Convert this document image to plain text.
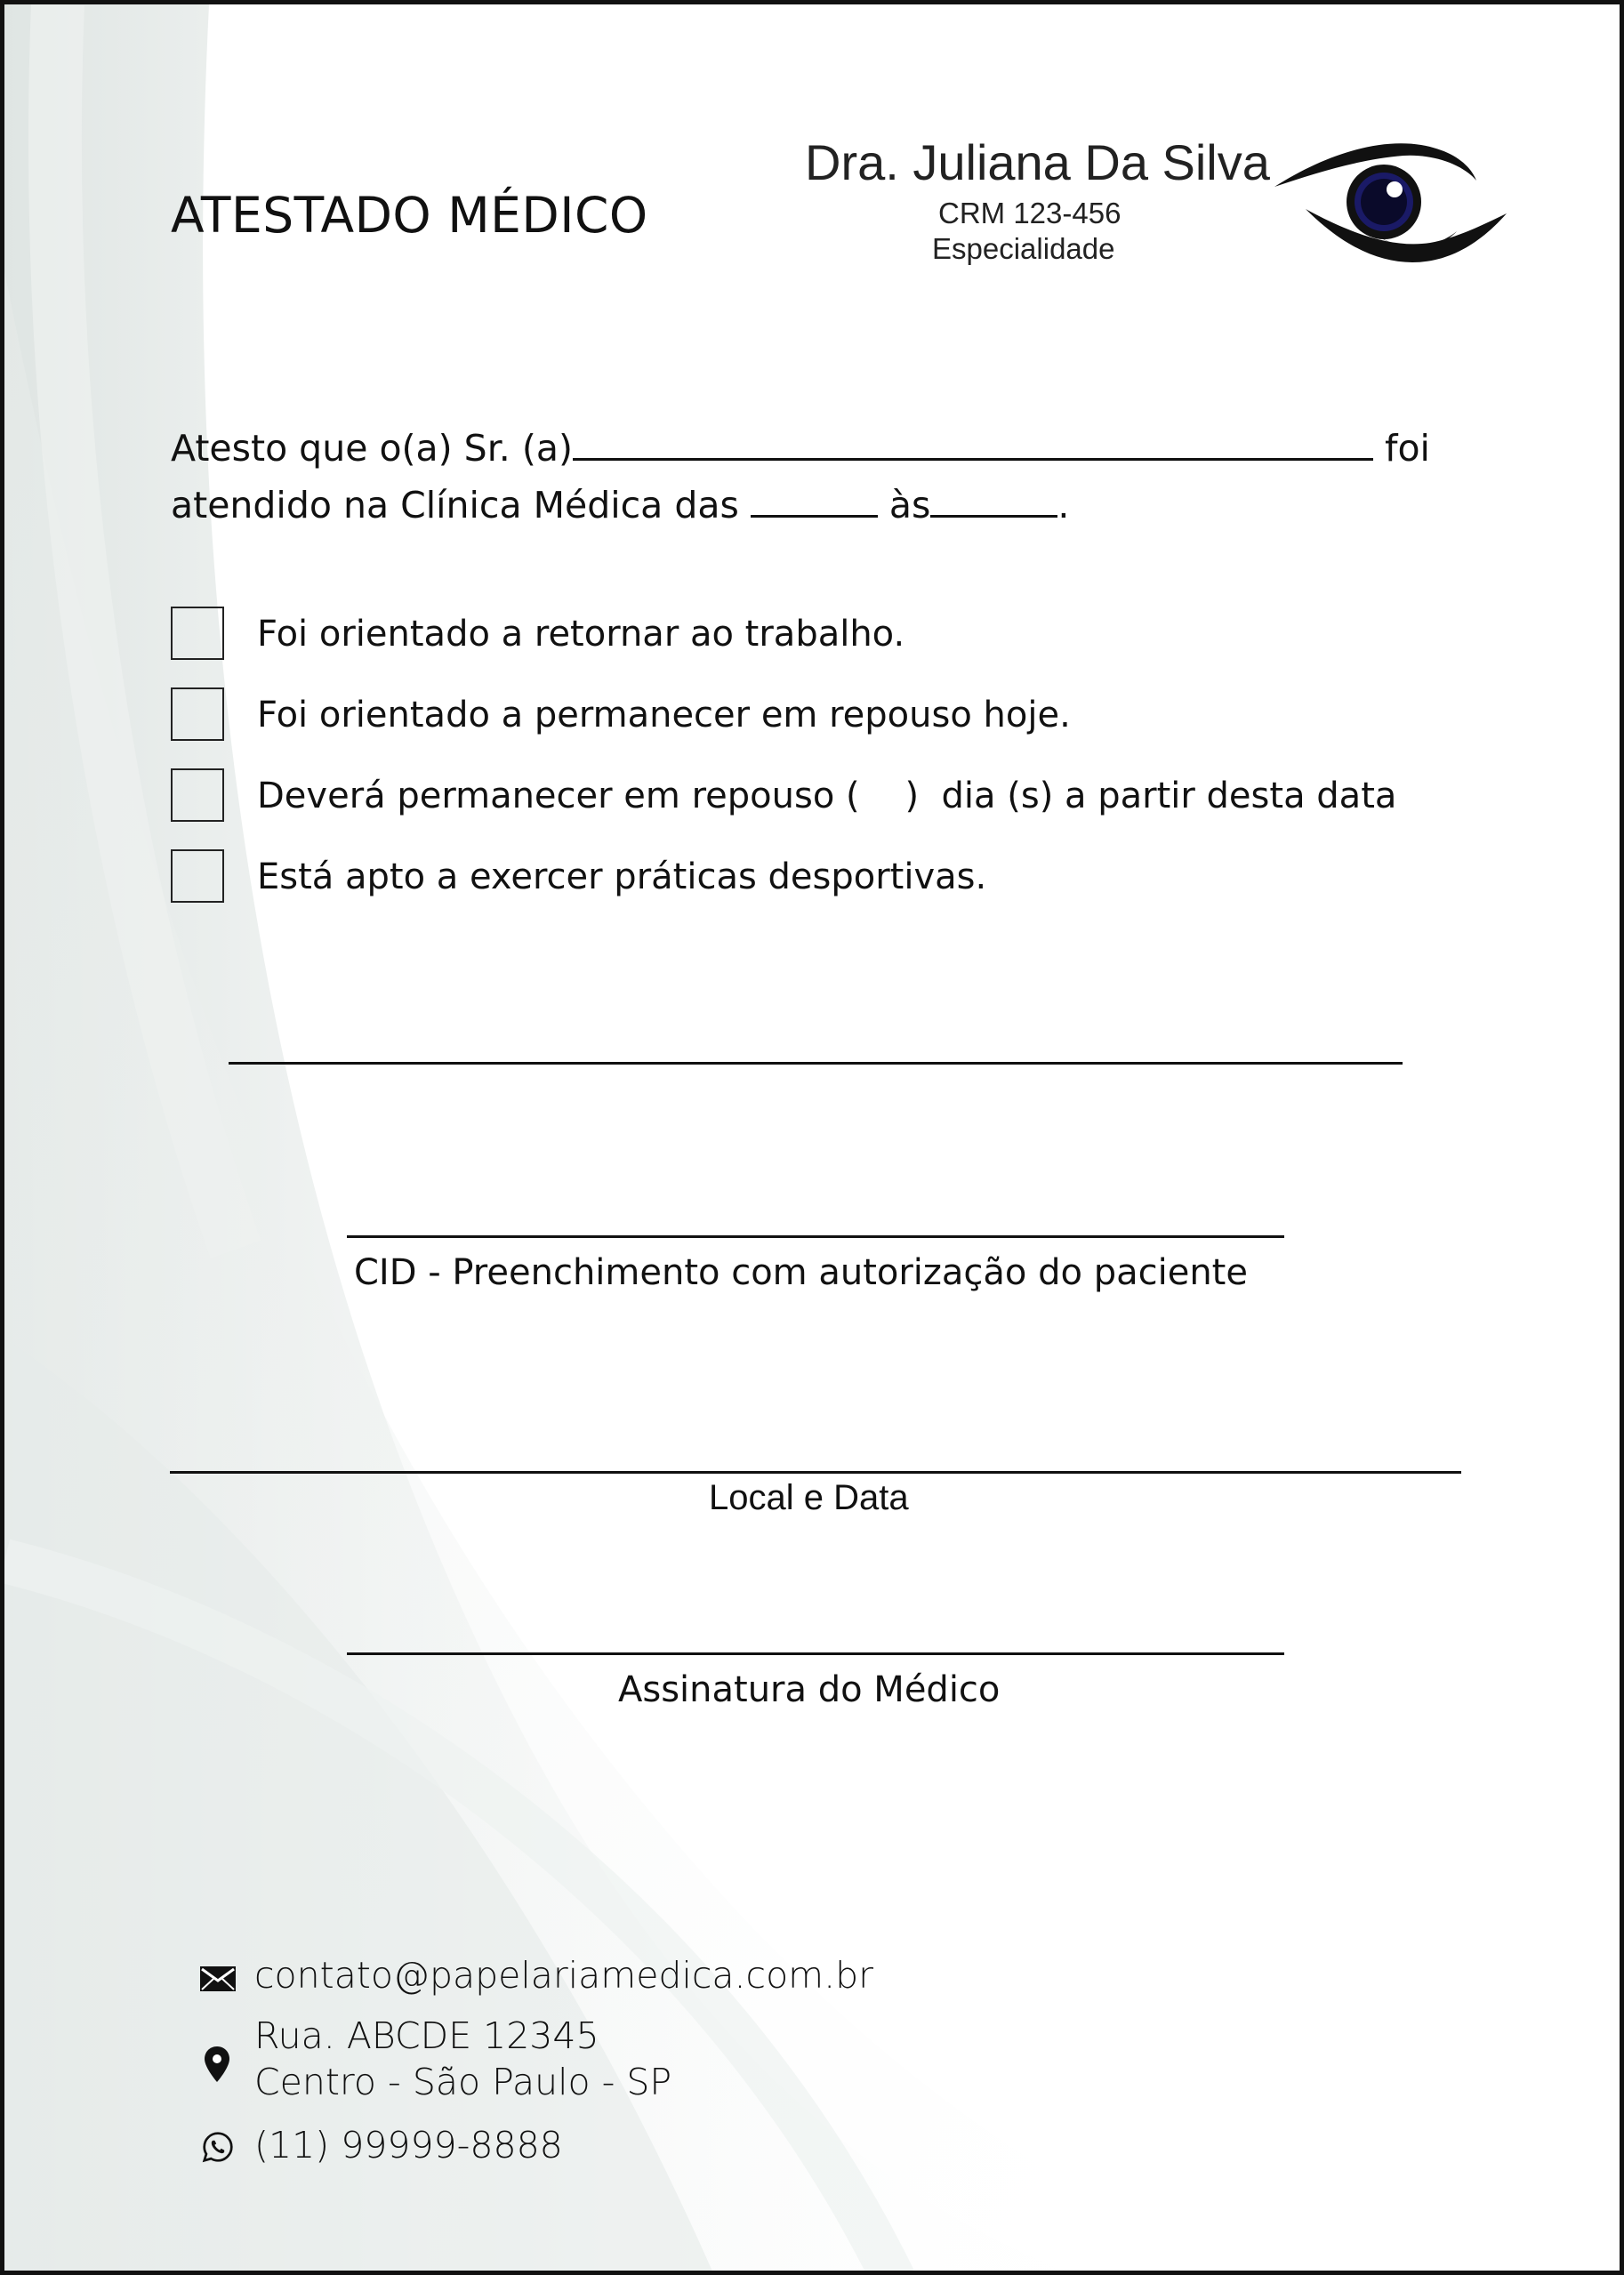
ATESTADO MÉDICO
Dra. Juliana Da Silva
CRM 123-456
Especialidade
Atesto que o(a) Sr. (a)	foi
atendido na Clínica Médica das	às	.
Foi orientado a retornar ao trabalho.
Foi orientado a permanecer em repouso hoje.
Deverá permanecer em repouso (    )  dia (s) a partir desta data
Está apto a exercer práticas desportivas.
CID - Preenchimento com autorização do paciente
Local e Data
Assinatura do Médico
contato@papelariamedica.com.br
Rua. ABCDE 12345
Centro - São Paulo - SP
(11) 99999-8888
